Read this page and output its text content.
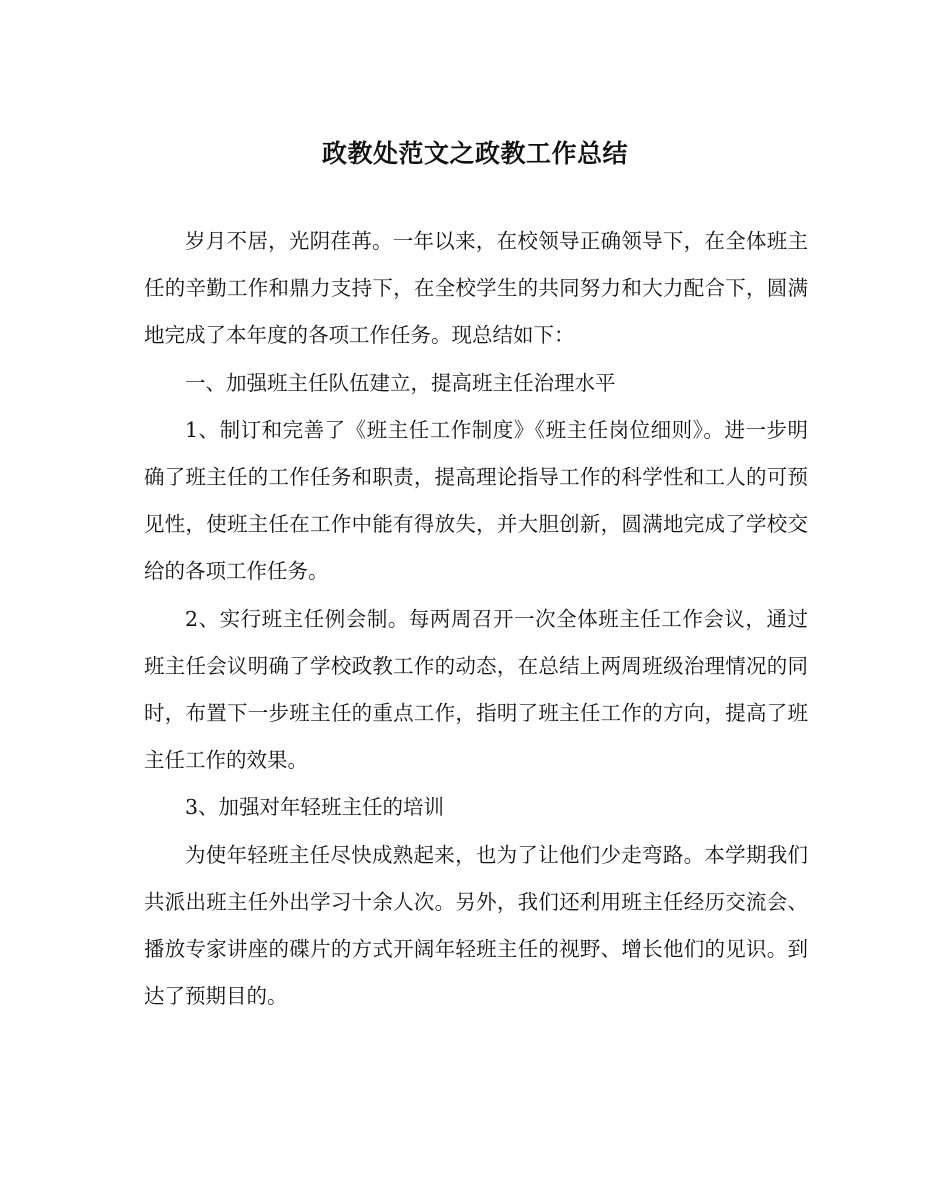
政教处范文之政教工作总结

岁月不居，光阴荏苒。一年以来，在校领导正确领导下，在全体班主任的辛勤工作和鼎力支持下，在全校学生的共同努力和大力配合下，圆满地完成了本年度的各项工作任务。现总结如下：

一、加强班主任队伍建立，提高班主任治理水平

1、制订和完善了《班主任工作制度》《班主任岗位细则》。进一步明确了班主任的工作任务和职责，提高理论指导工作的科学性和工人的可预见性，使班主任在工作中能有得放失，并大胆创新，圆满地完成了学校交给的各项工作任务。

2、实行班主任例会制。每两周召开一次全体班主任工作会议，通过班主任会议明确了学校政教工作的动态，在总结上两周班级治理情况的同时，布置下一步班主任的重点工作，指明了班主任工作的方向，提高了班主任工作的效果。

3、加强对年轻班主任的培训

为使年轻班主任尽快成熟起来，也为了让他们少走弯路。本学期我们共派出班主任外出学习十余人次。另外，我们还利用班主任经历交流会、播放专家讲座的碟片的方式开阔年轻班主任的视野、增长他们的见识。到达了预期目的。
